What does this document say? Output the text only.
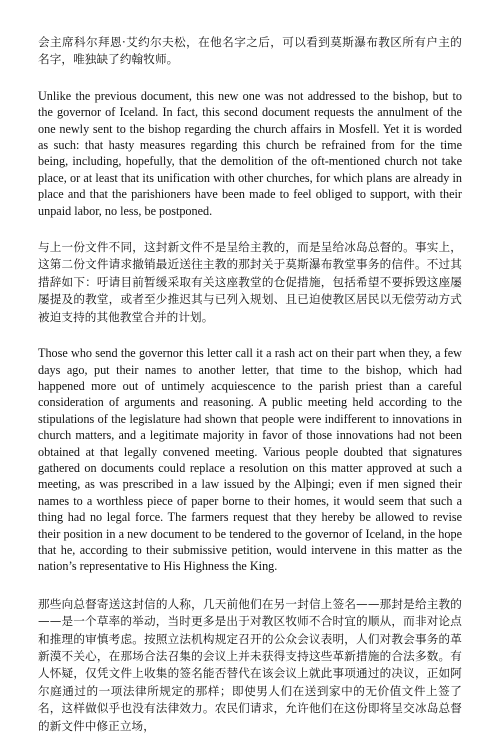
会主席科尔拜恩·艾约尔夫松，在他名字之后，可以看到莫斯瀑布教区所有户主的名字，唯独缺了约翰牧师。

Unlike the previous document, this new one was not addressed to the bishop, but to the governor of Iceland. In fact, this second document requests the annulment of the one newly sent to the bishop regarding the church affairs in Mosfell. Yet it is worded as such: that hasty measures regarding this church be refrained from for the time being, including, hopefully, that the demolition of the oft-mentioned church not take place, or at least that its unification with other churches, for which plans are already in place and that the parishioners have been made to feel obliged to support, with their unpaid labor, no less, be postponed.

与上一份文件不同，这封新文件不是呈给主教的，而是呈给冰岛总督的。事实上，这第二份文件请求撤销最近送往主教的那封关于莫斯瀑布教堂事务的信件。不过其措辞如下：吁请目前暂缓采取有关这座教堂的仓促措施，包括希望不要拆毁这座屡屡提及的教堂，或者至少推迟其与已列入规划、且已迫使教区居民以无偿劳动方式被迫支持的其他教堂合并的计划。

Those who send the governor this letter call it a rash act on their part when they, a few days ago, put their names to another letter, that time to the bishop, which had happened more out of untimely acquiescence to the parish priest than a careful consideration of arguments and reasoning. A public meeting held according to the stipulations of the legislature had shown that people were indifferent to innovations in church matters, and a legitimate majority in favor of those innovations had not been obtained at that legally convened meeting. Various people doubted that signatures gathered on documents could replace a resolution on this matter approved at such a meeting, as was prescribed in a law issued by the Alþingi; even if men signed their names to a worthless piece of paper borne to their homes, it would seem that such a thing had no legal force. The farmers request that they hereby be allowed to revise their position in a new document to be tendered to the governor of Iceland, in the hope that he, according to their submissive petition, would intervene in this matter as the nation’s representative to His Highness the King.

那些向总督寄送这封信的人称，几天前他们在另一封信上签名——那封是给主教的——是一个草率的举动，当时更多是出于对教区牧师不合时宜的顺从，而非对论点和推理的审慎考虑。按照立法机构规定召开的公众会议表明，人们对教会事务的革新漠不关心，在那场合法召集的会议上并未获得支持这些革新措施的合法多数。有人怀疑，仅凭文件上收集的签名能否替代在该会议上就此事项通过的决议，正如阿尔庭通过的一项法律所规定的那样；即使男人们在送到家中的无价值文件上签了名，这样做似乎也没有法律效力。农民们请求，允许他们在这份即将呈交冰岛总督的新文件中修正立场，
